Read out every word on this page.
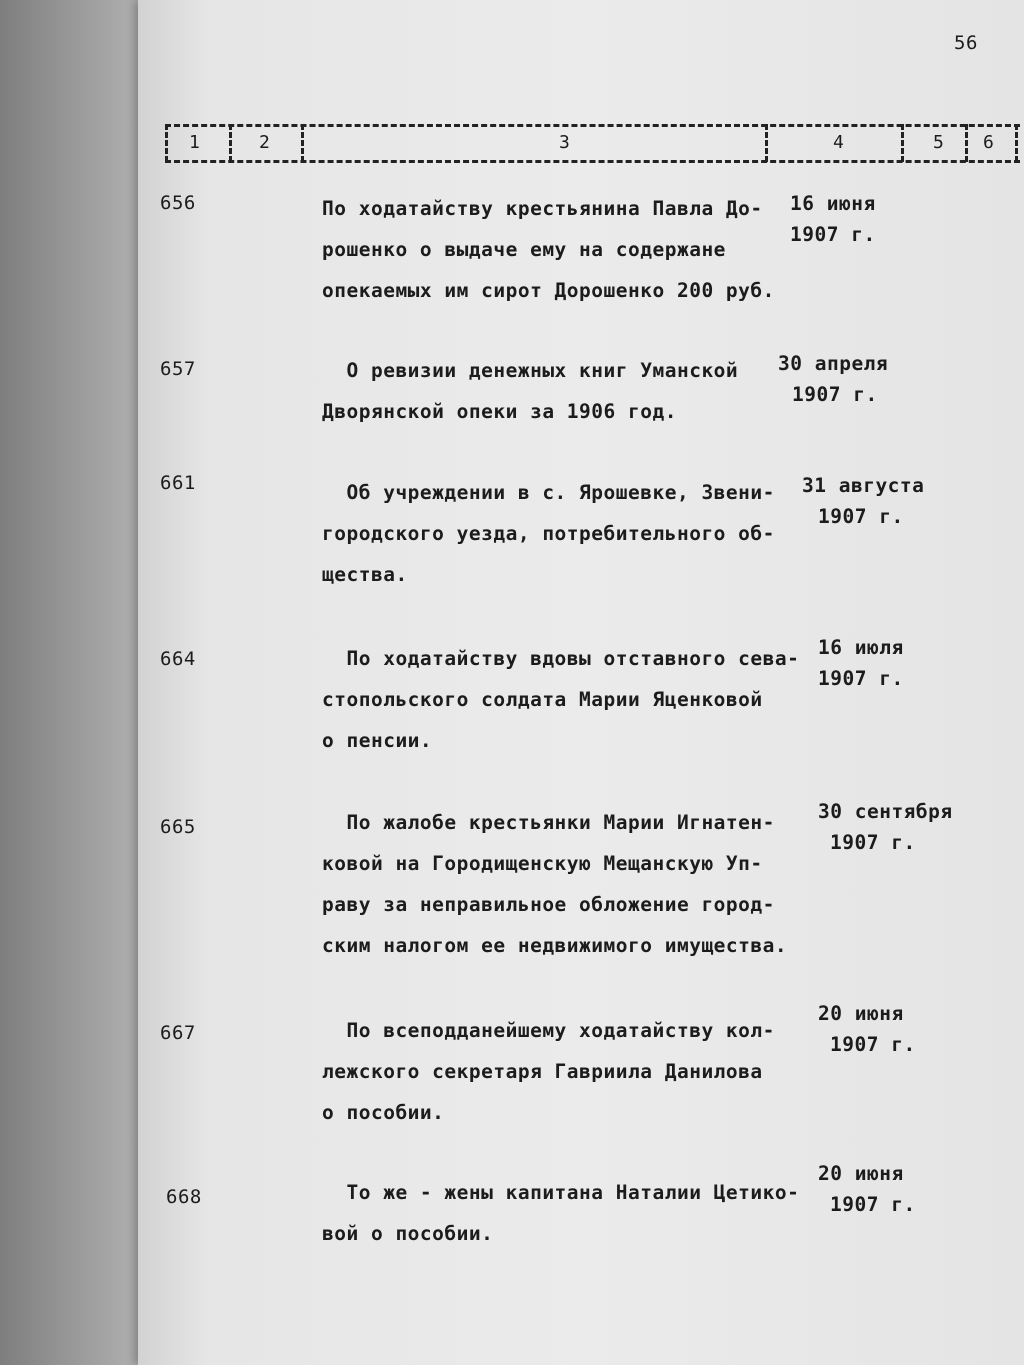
56
1	2	3	4	5 6
656	По ходатайству крестьянина Павла До-
рошенко о выдаче ему на содержане
опекаемых им сирот Дорошенко 200 руб.
16 июня
1907 г.
657	О ревизии денежных книг Уманской
Дворянской опеки за 1906 год.
30 апреля
1907 г.
661	Об учреждении в с. Ярошевке, Звени-
городского уезда, потребительного об-
щества.
31 августа
1907 г.
664	По ходатайству вдовы отставного сева-
стопольского солдата Марии Яценковой
о пенсии.
16 июля
1907 г.
665	По жалобе крестьянки Марии Игнатен-
ковой на Городищенскую Мещанскую Уп-
раву за неправильное обложение город-
ским налогом ее недвижимого имущества.
30 сентября
1907 г.
667	По всеподданейшему ходатайству кол-
лежского секретаря Гавриила Данилова
о пособии.
20 июня
1907 г.
668	То же - жены капитана Наталии Цетико-
вой о пособии.
20 июня
1907 г.
